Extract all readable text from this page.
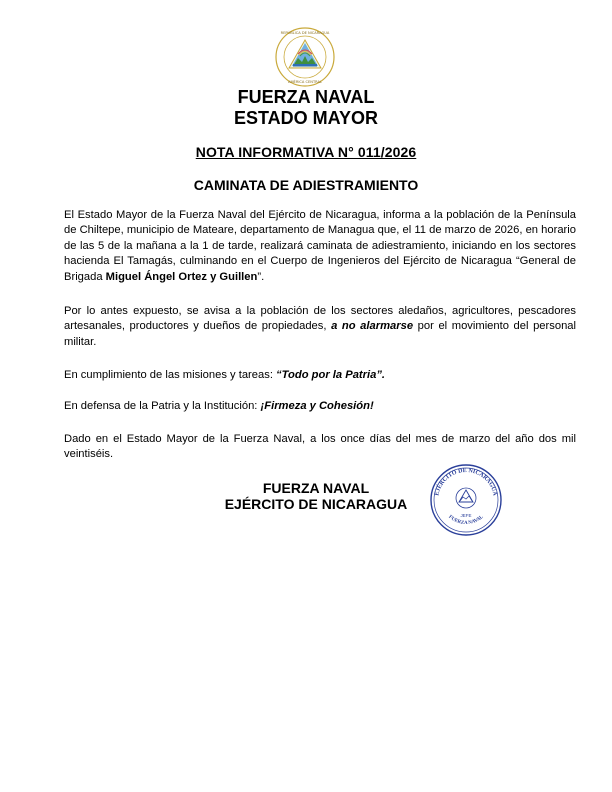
REPÚBLICA DE NICARAGUA
AMÉRICA CENTRAL
FUERZA NAVAL
ESTADO MAYOR
NOTA INFORMATIVA N° 011/2026
CAMINATA DE ADIESTRAMIENTO
El Estado Mayor de la Fuerza Naval del Ejército de Nicaragua, informa a la población de la Península de Chiltepe, municipio de Mateare, departamento de Managua que, el 11 de marzo de 2026, en horario de las 5 de la mañana a la 1 de tarde, realizará caminata de adiestramiento, iniciando en los sectores hacienda El Tamagás, culminando en el Cuerpo de Ingenieros del Ejército de Nicaragua “General de Brigada Miguel Ángel Ortez y Guillen”.
Por lo antes expuesto, se avisa a la población de los sectores aledaños, agricultores, pescadores artesanales, productores y dueños de propiedades, a no alarmarse por el movimiento del personal militar.
En cumplimiento de las misiones y tareas: “Todo por la Patria”.
En defensa de la Patria y la Institución: ¡Firmeza y Cohesión!
Dado en el Estado Mayor de la Fuerza Naval, a los once días del mes de marzo del año dos mil veintiséis.
FUERZA NAVAL
EJÉRCITO DE NICARAGUA
EJÉRCITO DE NICARAGUA
JEFE
FUERZA NAVAL
